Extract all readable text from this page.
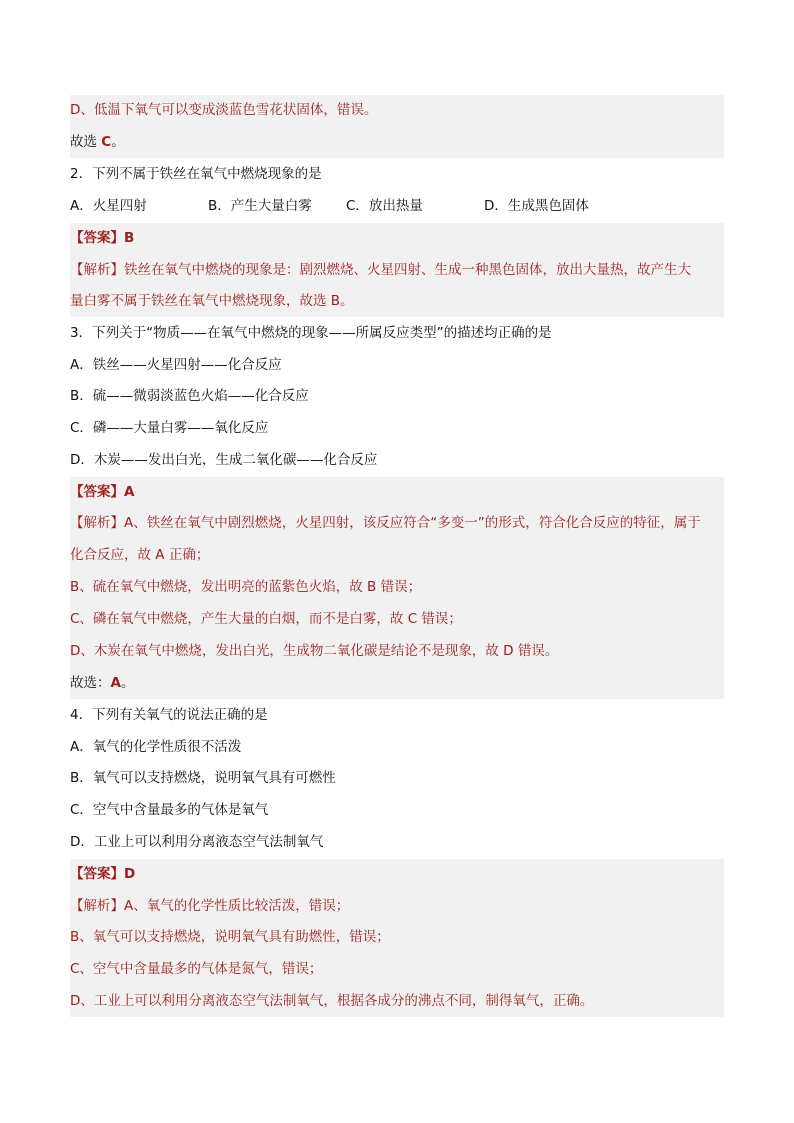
D、低温下氧气可以变成淡蓝色雪花状固体，错误。
故选 C。
2．下列不属于铁丝在氧气中燃烧现象的是
A．火星四射	B．产生大量白雾	C．放出热量	D．生成黑色固体
【答案】B
【解析】铁丝在氧气中燃烧的现象是：剧烈燃烧、火星四射、生成一种黑色固体，放出大量热，故产生大
量白雾不属于铁丝在氧气中燃烧现象，故选 B。
3．下列关于“物质——在氧气中燃烧的现象——所属反应类型”的描述均正确的是
A．铁丝——火星四射——化合反应
B．硫——微弱淡蓝色火焰——化合反应
C．磷——大量白雾——氧化反应
D．木炭——发出白光，生成二氧化碳——化合反应
【答案】A
【解析】A、铁丝在氧气中剧烈燃烧，火星四射，该反应符合“多变一”的形式，符合化合反应的特征，属于
化合反应，故 A 正确；
B、硫在氧气中燃烧，发出明亮的蓝紫色火焰，故 B 错误；
C、磷在氧气中燃烧，产生大量的白烟，而不是白雾，故 C 错误；
D、木炭在氧气中燃烧，发出白光，生成物二氧化碳是结论不是现象，故 D 错误。
故选：A。
4．下列有关氧气的说法正确的是
A．氧气的化学性质很不活泼
B．氧气可以支持燃烧，说明氧气具有可燃性
C．空气中含量最多的气体是氧气
D．工业上可以利用分离液态空气法制氧气
【答案】D
【解析】A、氧气的化学性质比较活泼，错误；
B、氧气可以支持燃烧，说明氧气具有助燃性，错误；
C、空气中含量最多的气体是氮气，错误；
D、工业上可以利用分离液态空气法制氧气，根据各成分的沸点不同，制得氧气，正确。
